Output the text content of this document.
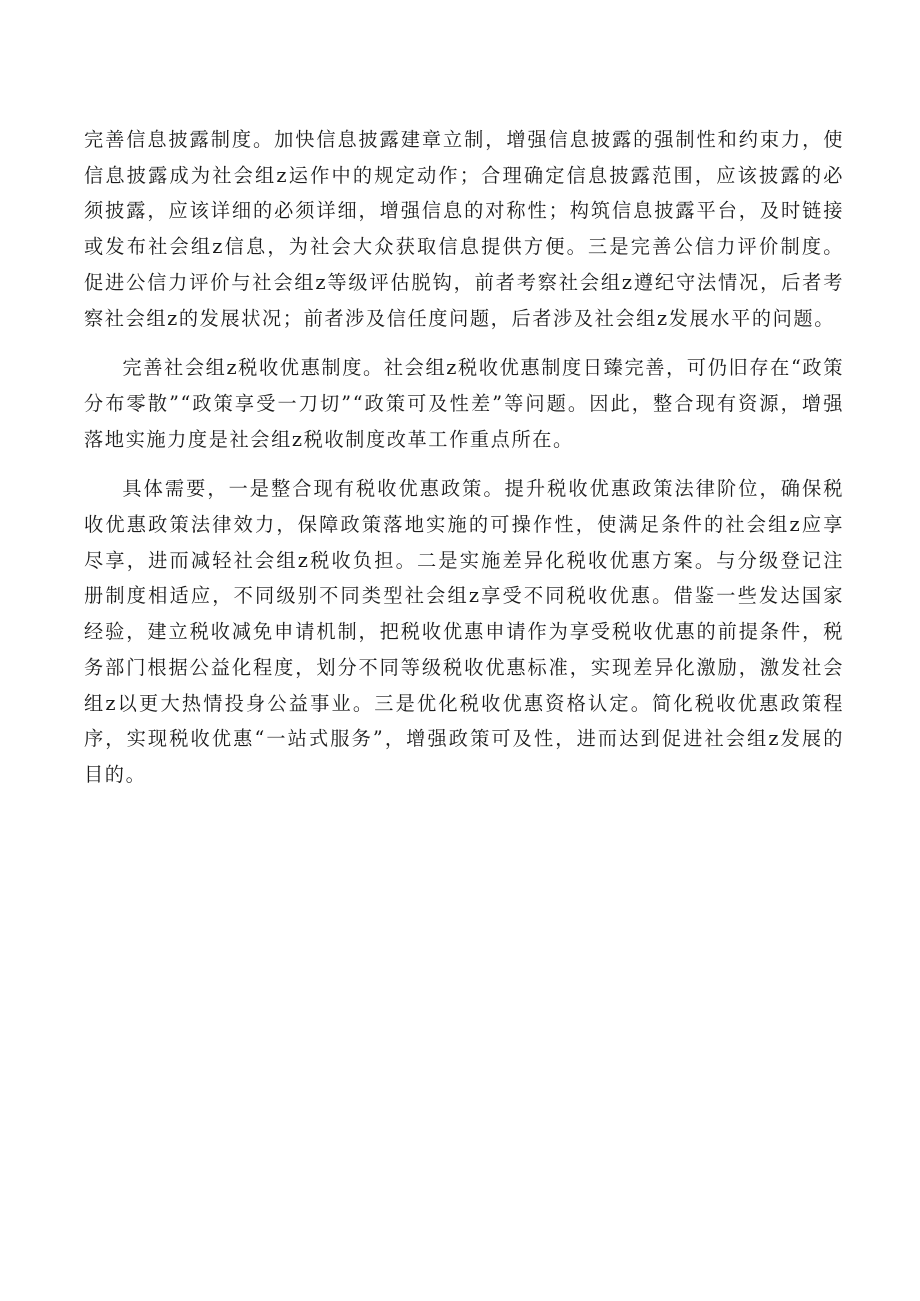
完善信息披露制度。加快信息披露建章立制，增强信息披露的强制性和约束力，使信息披露成为社会组z运作中的规定动作；合理确定信息披露范围，应该披露的必须披露，应该详细的必须详细，增强信息的对称性；构筑信息披露平台，及时链接或发布社会组z信息，为社会大众获取信息提供方便。三是完善公信力评价制度。促进公信力评价与社会组z等级评估脱钩，前者考察社会组z遵纪守法情况，后者考察社会组z的发展状况；前者涉及信任度问题，后者涉及社会组z发展水平的问题。

完善社会组z税收优惠制度。社会组z税收优惠制度日臻完善，可仍旧存在“政策分布零散”“政策享受一刀切”“政策可及性差”等问题。因此，整合现有资源，增强落地实施力度是社会组z税收制度改革工作重点所在。

具体需要，一是整合现有税收优惠政策。提升税收优惠政策法律阶位，确保税收优惠政策法律效力，保障政策落地实施的可操作性，使满足条件的社会组z应享尽享，进而减轻社会组z税收负担。二是实施差异化税收优惠方案。与分级登记注册制度相适应，不同级别不同类型社会组z享受不同税收优惠。借鉴一些发达国家经验，建立税收减免申请机制，把税收优惠申请作为享受税收优惠的前提条件，税务部门根据公益化程度，划分不同等级税收优惠标准，实现差异化激励，激发社会组z以更大热情投身公益事业。三是优化税收优惠资格认定。简化税收优惠政策程序，实现税收优惠“一站式服务”，增强政策可及性，进而达到促进社会组z发展的目的。
